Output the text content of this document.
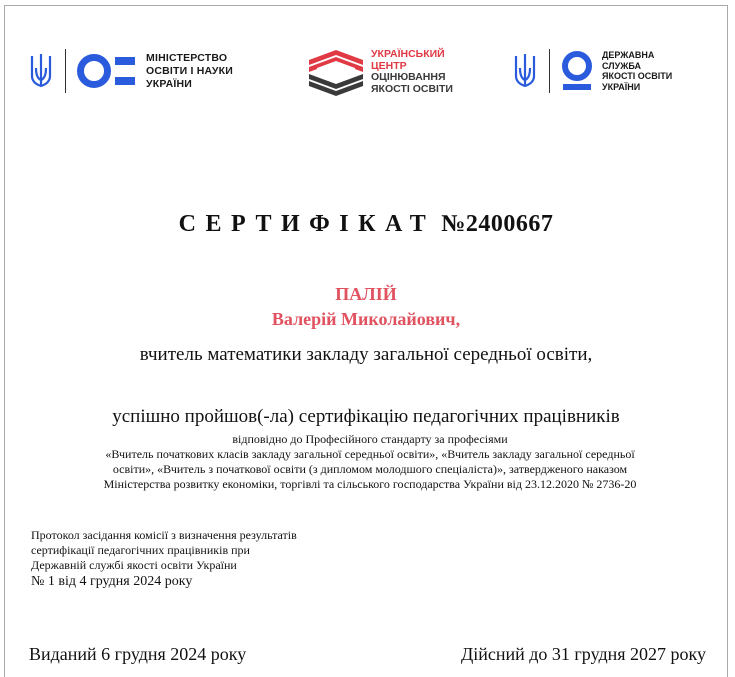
МІНІСТЕРСТВО
ОСВІТИ І НАУКИ
УКРАЇНИ
УКРАЇНСЬКИЙ
ЦЕНТР
ОЦІНЮВАННЯ
ЯКОСТІ ОСВІТИ
ДЕРЖАВНА
СЛУЖБА
ЯКОСТІ ОСВІТИ
УКРАЇНИ
СЕРТИФІКАТ №2400667
ПАЛІЙ
Валерій Миколайович,
вчитель математики закладу загальної середньої освіти,
успішно пройшов(-ла) сертифікацію педагогічних працівників
відповідно до Професійного стандарту за професіями
«Вчитель початкових класів закладу загальної середньої освіти», «Вчитель закладу загальної середньої
освіти», «Вчитель з початкової освіти (з дипломом молодшого спеціаліста)», затвердженого наказом
Міністерства розвитку економіки, торгівлі та сільського господарства України від 23.12.2020 № 2736-20
Протокол засідання комісії з визначення результатів
сертифікації педагогічних працівників при
Державній службі якості освіти України
№ 1 від 4 грудня 2024 року
Виданий 6 грудня 2024 року	Дійсний до 31 грудня 2027 року
